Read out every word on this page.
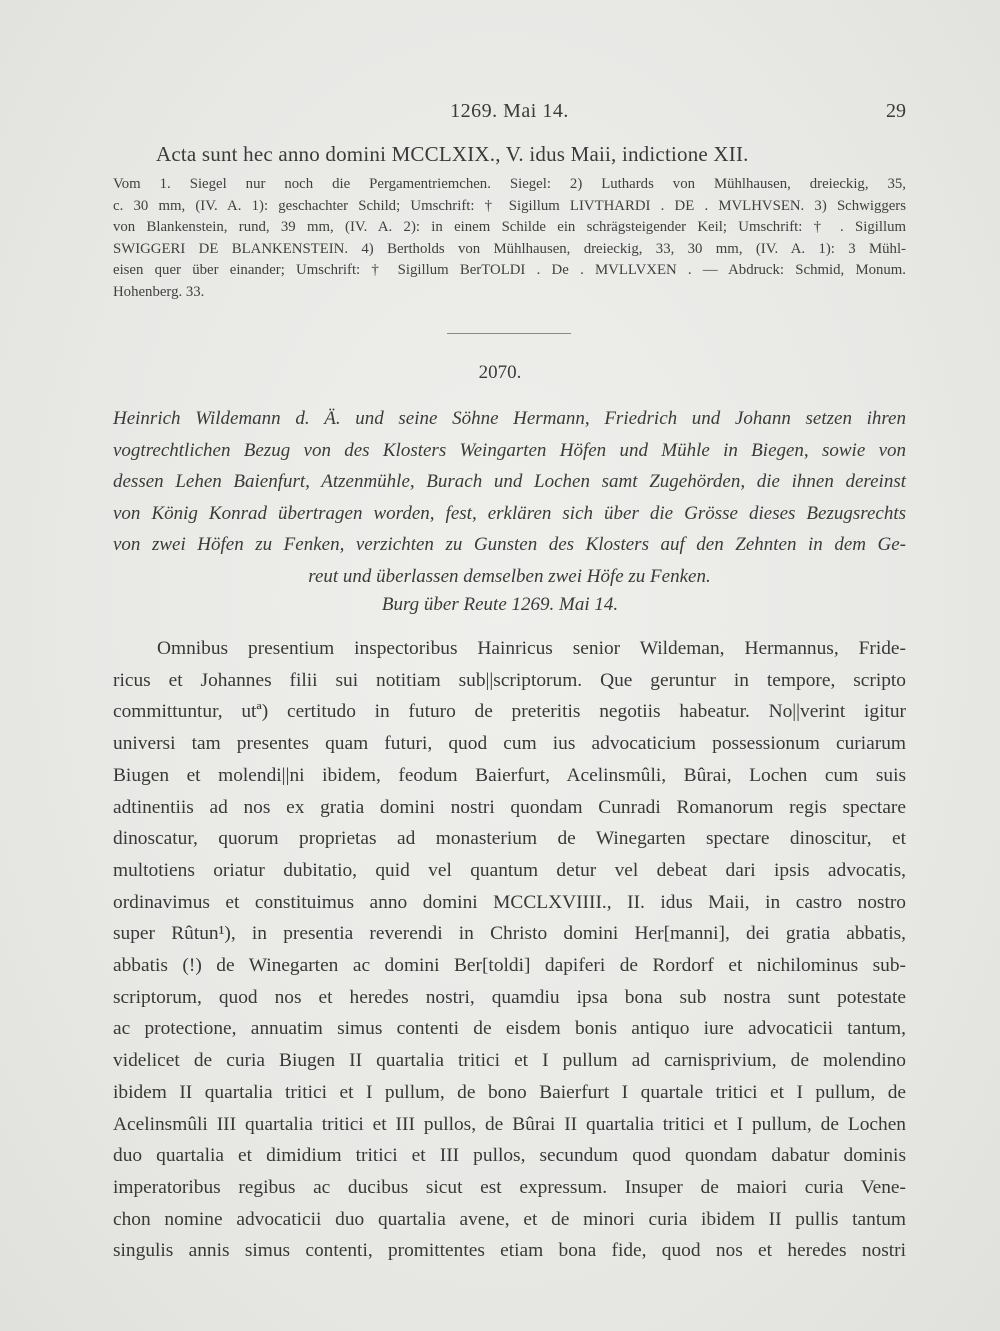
1269. Mai 14.	29
Acta sunt hec anno domini MCCLXIX., V. idus Maii, indictione XII.
Vom 1. Siegel nur noch die Pergamentriemchen. Siegel: 2) Luthards von Mühlhausen, dreieckig, 35,
c. 30 mm, (IV. A. 1): geschachter Schild; Umschrift: † Sigillum LIVTHARDI . DE . MVLHVSEN. 3) Schwiggers
von Blankenstein, rund, 39 mm, (IV. A. 2): in einem Schilde ein schrägsteigender Keil; Umschrift: † . Sigillum
SWIGGERI DE BLANKENSTEIN. 4) Bertholds von Mühlhausen, dreieckig, 33, 30 mm, (IV. A. 1): 3 Mühl-
eisen quer über einander; Umschrift: † Sigillum BerTOLDI . De . MVLLVXEN . — Abdruck: Schmid, Monum.
Hohenberg. 33.
2070.
Heinrich Wildemann d. Ä. und seine Söhne Hermann, Friedrich und Johann setzen ihren
vogtrechtlichen Bezug von des Klosters Weingarten Höfen und Mühle in Biegen, sowie von
dessen Lehen Baienfurt, Atzenmühle, Burach und Lochen samt Zugehörden, die ihnen dereinst
von König Konrad übertragen worden, fest, erklären sich über die Grösse dieses Bezugsrechts
von zwei Höfen zu Fenken, verzichten zu Gunsten des Klosters auf den Zehnten in dem Ge-
reut und überlassen demselben zwei Höfe zu Fenken.
Burg über Reute 1269. Mai 14.
Omnibus presentium inspectoribus Hainricus senior Wildeman, Hermannus, Fride-
ricus et Johannes filii sui notitiam sub||scriptorum. Que geruntur in tempore, scripto
committuntur, utª) certitudo in futuro de preteritis negotiis habeatur. No||verint igitur
universi tam presentes quam futuri, quod cum ius advocaticium possessionum curiarum
Biugen et molendi||ni ibidem, feodum Baierfurt, Acelinsmûli, Bûrai, Lochen cum suis
adtinentiis ad nos ex gratia domini nostri quondam Cunradi Romanorum regis spectare
dinoscatur, quorum proprietas ad monasterium de Winegarten spectare dinoscitur, et
multotiens oriatur dubitatio, quid vel quantum detur vel debeat dari ipsis advocatis,
ordinavimus et constituimus anno domini MCCLXVIIII., II. idus Maii, in castro nostro
super Rûtun¹), in presentia reverendi in Christo domini Her[manni], dei gratia abbatis,
abbatis (!) de Winegarten ac domini Ber[toldi] dapiferi de Rordorf et nichilominus sub-
scriptorum, quod nos et heredes nostri, quamdiu ipsa bona sub nostra sunt potestate
ac protectione, annuatim simus contenti de eisdem bonis antiquo iure advocaticii tantum,
videlicet de curia Biugen II quartalia tritici et I pullum ad carnisprivium, de molendino
ibidem II quartalia tritici et I pullum, de bono Baierfurt I quartale tritici et I pullum, de
Acelinsmûli III quartalia tritici et III pullos, de Bûrai II quartalia tritici et I pullum, de Lochen
duo quartalia et dimidium tritici et III pullos, secundum quod quondam dabatur dominis
imperatoribus regibus ac ducibus sicut est expressum. Insuper de maiori curia Vene-
chon nomine advocaticii duo quartalia avene, et de minori curia ibidem II pullis tantum
singulis annis simus contenti, promittentes etiam bona fide, quod nos et heredes nostri
